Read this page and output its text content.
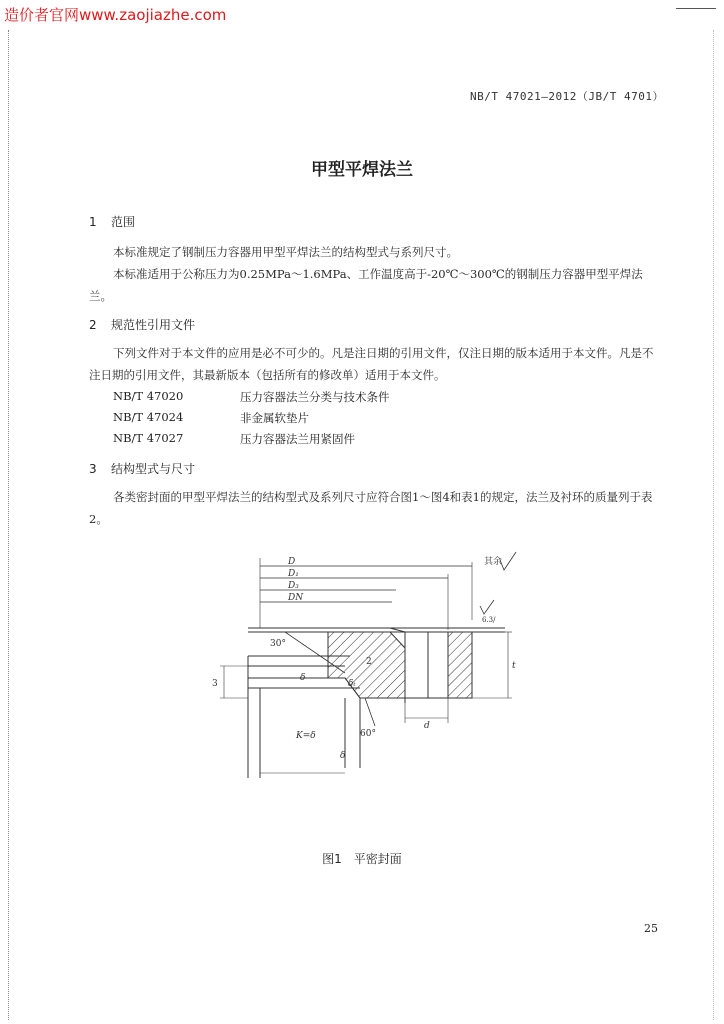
造价者官网www.zaojiazhe.com
NB/T 47021—2012（JB/T 4701）
甲型平焊法兰
1 范围
本标准规定了钢制压力容器用甲型平焊法兰的结构型式与系列尺寸。
本标准适用于公称压力为0.25MPa～1.6MPa、工作温度高于-20℃～300℃的钢制压力容器甲型平焊法兰。
2 规范性引用文件
下列文件对于本文件的应用是必不可少的。凡是注日期的引用文件，仅注日期的版本适用于本文件。凡是不注日期的引用文件，其最新版本（包括所有的修改单）适用于本文件。
NB/T 47020	压力容器法兰分类与技术条件
NB/T 47024	非金属软垫片
NB/T 47027	压力容器法兰用紧固件
3 结构型式与尺寸
各类密封面的甲型平焊法兰的结构型式及系列尺寸应符合图1～图4和表1的规定，法兰及衬环的质量列于表2。
D
D₁
D₃
DN
其余
30°
60°
δ
δₜ
δ
d
t
3
2
K=δ
6.3/
图1　平密封面
25
